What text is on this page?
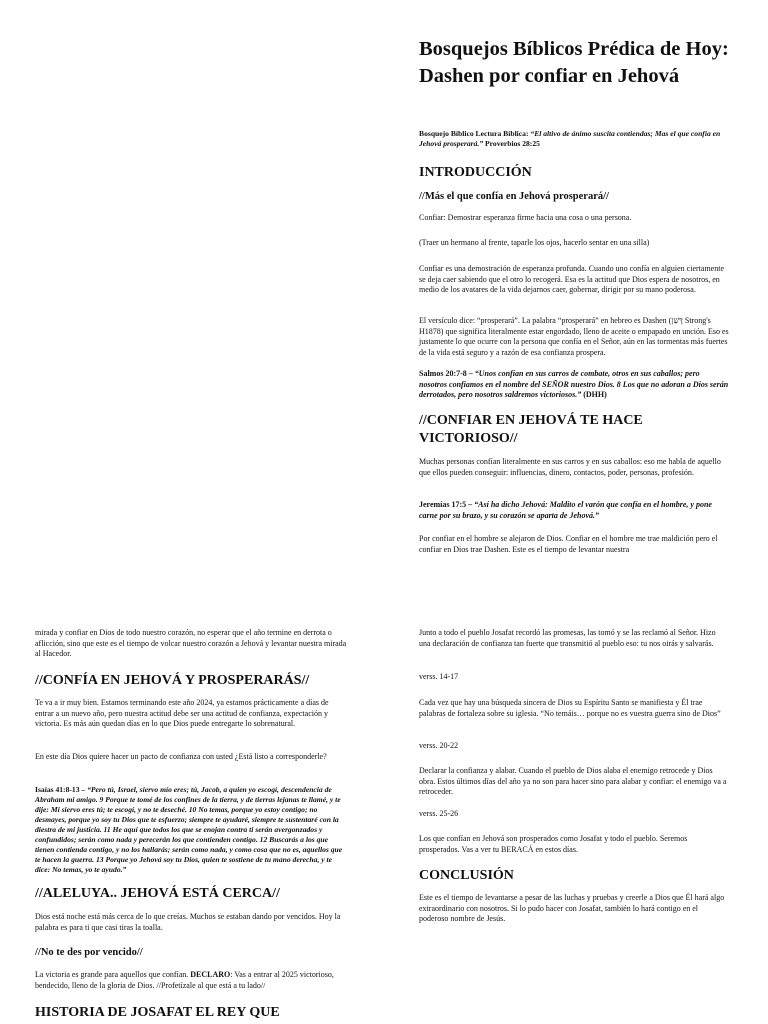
Bosquejos Bíblicos Prédica de Hoy: Dashen por confiar en Jehová

Bosquejo Bíblico Lectura Bíblica: “El altivo de ánimo suscita contiendas; Mas el que confía en Jehová prosperará.” Proverbios 28:25

INTRODUCCIÓN
//Más el que confía en Jehová prosperará//

Confiar: Demostrar esperanza firme hacia una cosa o una persona.

(Traer un hermano al frente, taparle los ojos, hacerlo sentar en una silla)

Confiar es una demostración de esperanza profunda. Cuando uno confía en alguien ciertamente se deja caer sabiendo que el otro lo recogerá. Esa es la actitud que Dios espera de nosotros, en medio de los avatares de la vida dejarnos caer, gobernar, dirigir por su mano poderosa.

El versículo dice: “prosperará”. La palabra “prosperará” en hebreo es Dashen (דָּשֵׁן Strong's H1878) que significa literalmente estar engordado, lleno de aceite o empapado en unción. Eso es justamente lo que ocurre con la persona que confía en el Señor, aún en las tormentas más fuertes de la vida está seguro y a razón de esa confianza prospera.

Salmos 20:7-8 – “Unos confían en sus carros de combate, otros en sus caballos; pero nosotros confiamos en el nombre del SEÑOR nuestro Dios. 8 Los que no adoran a Dios serán derrotados, pero nosotros saldremos victoriosos.” (DHH)

//CONFIAR EN JEHOVÁ TE HACE VICTORIOSO//

Muchas personas confían literalmente en sus carros y en sus caballos: eso me habla de aquello que ellos pueden conseguir: influencias, dinero, contactos, poder, personas, profesión.

Jeremías 17:5 – “Así ha dicho Jehová: Maldito el varón que confía en el hombre, y pone carne por su brazo, y su corazón se aparta de Jehová.”

Por confiar en el hombre se alejaron de Dios. Confiar en el hombre me trae maldición pero el confiar en Dios trae Dashen. Este es el tiempo de levantar nuestra

mirada y confiar en Dios de todo nuestro corazón, no esperar que el año termine en derrota o aflicción, sino que este es el tiempo de volcar nuestro corazón a Jehová y levantar nuestra mirada al Hacedor.

//CONFÍA EN JEHOVÁ Y PROSPERARÁS//

Te va a ir muy bien. Estamos terminando este año 2024, ya estamos prácticamente a días de entrar a un nuevo año, pero nuestra actitud debe ser una actitud de confianza, expectación y victoria. Es más aún quedan días en lo que Dios puede entregarte lo sobrenatural.

En este día Dios quiere hacer un pacto de confianza con usted ¿Está listo a corresponderle?

Isaías 41:8-13 – “Pero tú, Israel, siervo mío eres; tú, Jacob, a quien yo escogí, descendencia de Abraham mi amigo. 9 Porque te tomé de los confines de la tierra, y de tierras lejanas te llamé, y te dije: Mi siervo eres tú; te escogí, y no te deseché. 10 No temas, porque yo estoy contigo; no desmayes, porque yo soy tu Dios que te esfuerzo; siempre te ayudaré, siempre te sustentaré con la diestra de mi justicia. 11 He aquí que todos los que se enojan contra ti serán avergonzados y confundidos; serán como nada y perecerán los que contienden contigo. 12 Buscarás a los que tienen contienda contigo, y no los hallarás; serán como nada, y como cosa que no es, aquellos que te hacen la guerra. 13 Porque yo Jehová soy tu Dios, quien te sostiene de tu mano derecha, y te dice: No temas, yo te ayudo.”

//ALELUYA.. JEHOVÁ ESTÁ CERCA//

Dios está noche está más cerca de lo que creías. Muchos se estaban dando por vencidos. Hoy la palabra es para ti que casi tiras la toalla.

//No te des por vencido//

La victoria es grande para aquellos que confían. DECLARO: Vas a entrar al 2025 victorioso, bendecido, lleno de la gloria de Dios. //Profetízale al que está a tu lado//

HISTORIA DE JOSAFAT EL REY QUE

Junto a todo el pueblo Josafat recordó las promesas, las tomó y se las reclamó al Señor. Hizo una declaración de confianza tan fuerte que transmitió al pueblo eso: tu nos oirás y salvarás.

verss. 14-17

Cada vez que hay una búsqueda sincera de Dios su Espíritu Santo se manifiesta y Él trae palabras de fortaleza sobre su iglesia. “No temáis… porque no es vuestra guerra sino de Dios”

verss. 20-22

Declarar la confianza y alabar. Cuando el pueblo de Dios alaba el enemigo retrocede y Dios obra. Estos últimos días del año ya no son para hacer sino para alabar y confiar: el enemigo va a retroceder.

verss. 25-26

Los que confían en Jehová son prosperados como Josafat y todo el pueblo. Seremos prosperados. Vas a ver tu BERACÁ en estos días.

CONCLUSIÓN

Este es el tiempo de levantarse a pesar de las luchas y pruebas y creerle a Dios que Él hará algo extraordinario con nosotros. Si lo pudo hacer con Josafat, también lo hará contigo en el poderoso nombre de Jesús.
